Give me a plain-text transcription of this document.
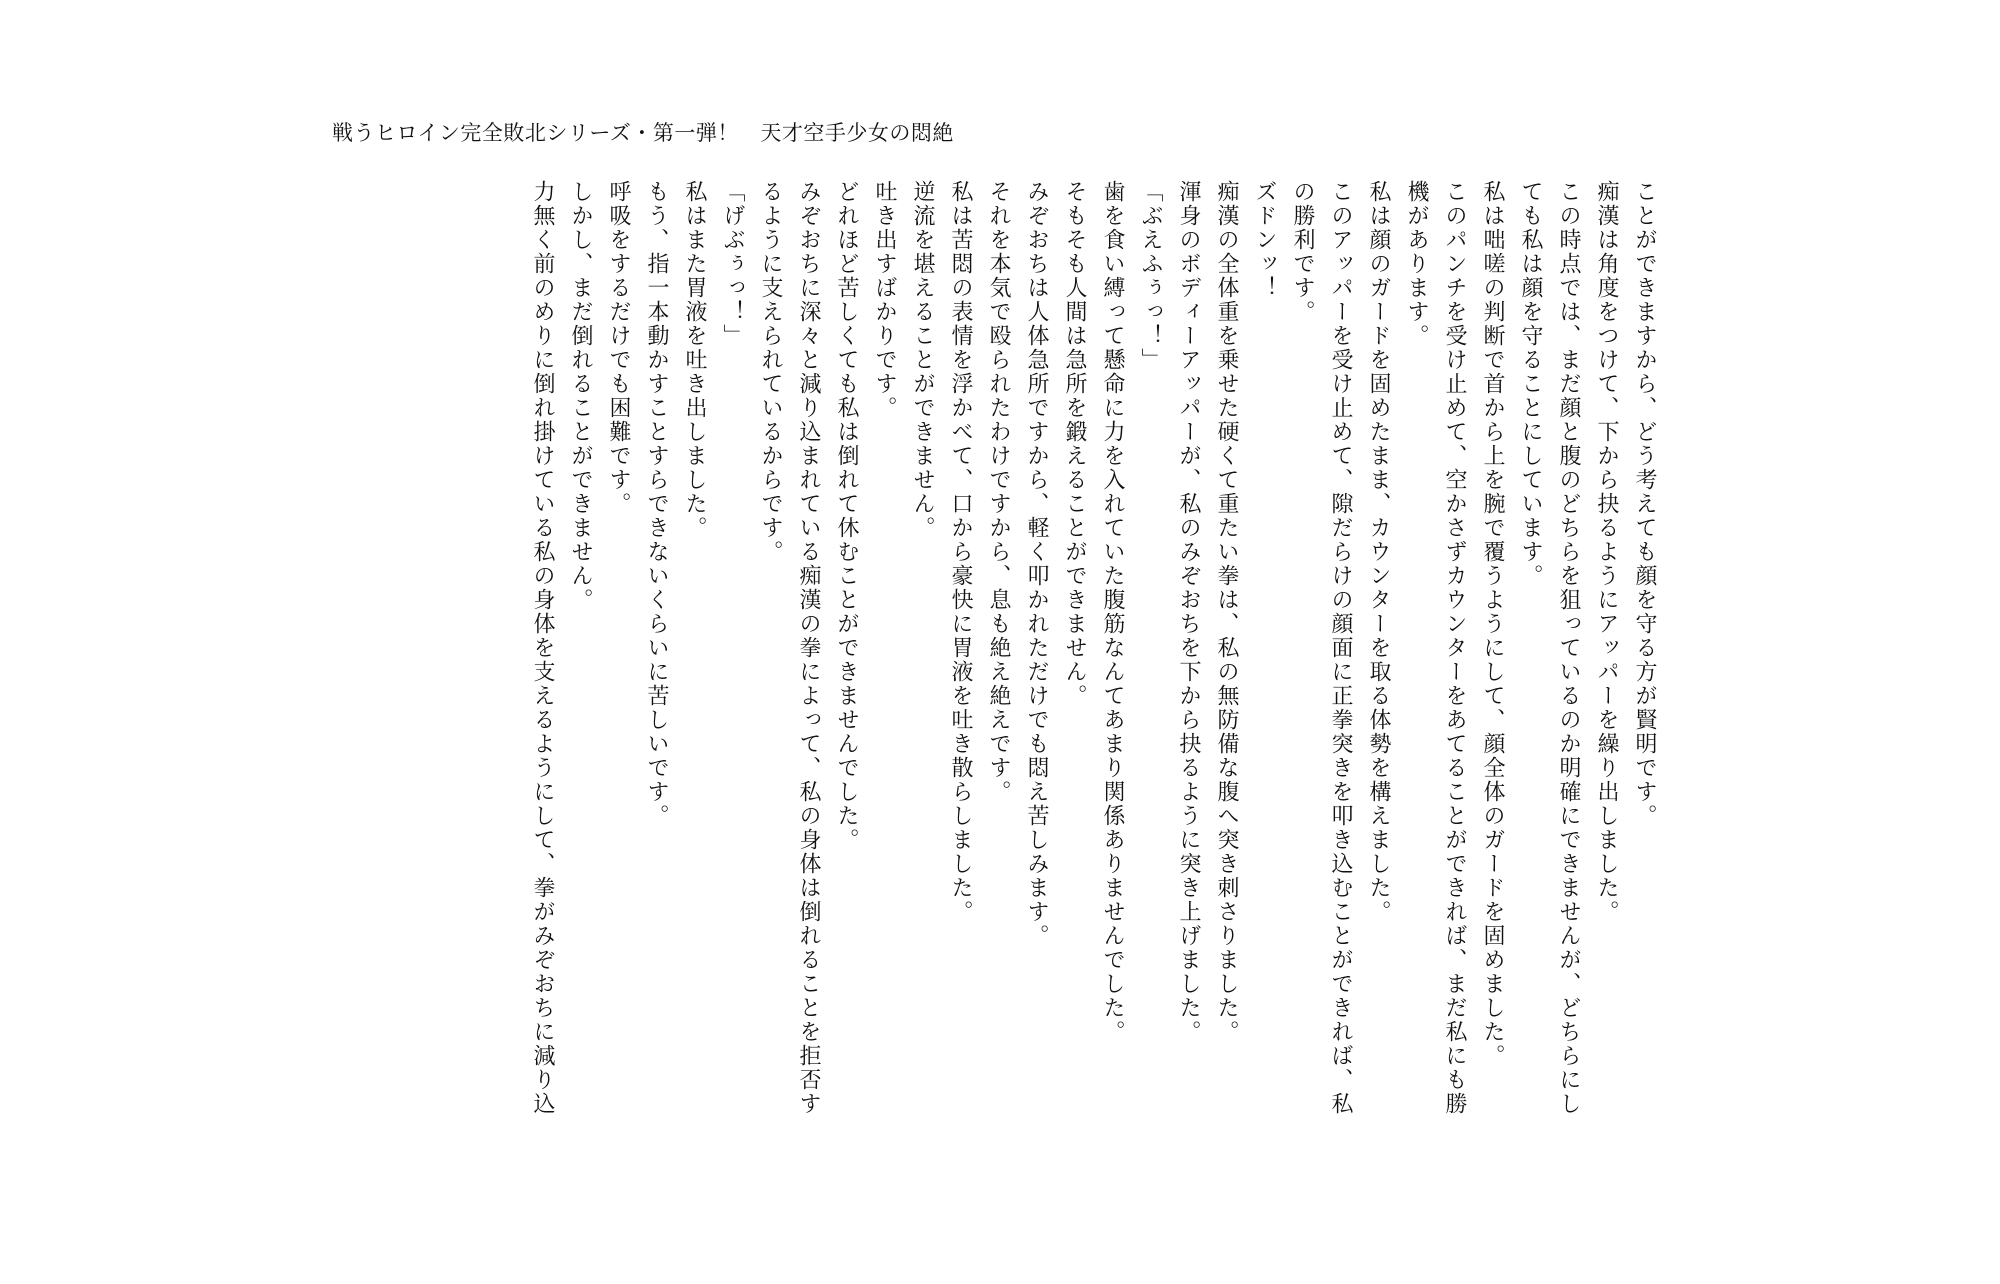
戦うヒロイン完全敗北シリーズ・第一弾！　天才空手少女の悶絶
ことができますから、どう考えても顔を守る方が賢明です。
痴漢は角度をつけて、下から抉るようにアッパーを繰り出しました。
この時点では、まだ顔と腹のどちらを狙っているのか明確にできませんが、どちらにし
ても私は顔を守ることにしています。
私は咄嗟の判断で首から上を腕で覆うようにして、顔全体のガードを固めました。
このパンチを受け止めて、空かさずカウンターをあてることができれば、まだ私にも勝
機があります。
私は顔のガードを固めたまま、カウンターを取る体勢を構えました。
このアッパーを受け止めて、隙だらけの顔面に正拳突きを叩き込むことができれば、私
の勝利です。
ズドンッ！
痴漢の全体重を乗せた硬くて重たい拳は、私の無防備な腹へ突き刺さりました。
渾身のボディーアッパーが、私のみぞおちを下から抉るように突き上げました。
「ぶえふぅっ！」
歯を食い縛って懸命に力を入れていた腹筋なんてあまり関係ありませんでした。
そもそも人間は急所を鍛えることができません。
みぞおちは人体急所ですから、軽く叩かれただけでも悶え苦しみます。
それを本気で殴られたわけですから、息も絶え絶えです。
私は苦悶の表情を浮かべて、口から豪快に胃液を吐き散らしました。
逆流を堪えることができません。
吐き出すばかりです。
どれほど苦しくても私は倒れて休むことができませんでした。
みぞおちに深々と減り込まれている痴漢の拳によって、私の身体は倒れることを拒否す
るように支えられているからです。
「げぶぅっ！」
私はまた胃液を吐き出しました。
もう、指一本動かすことすらできないくらいに苦しいです。
呼吸をするだけでも困難です。
しかし、まだ倒れることができません。
力無く前のめりに倒れ掛けている私の身体を支えるようにして、拳がみぞおちに減り込
